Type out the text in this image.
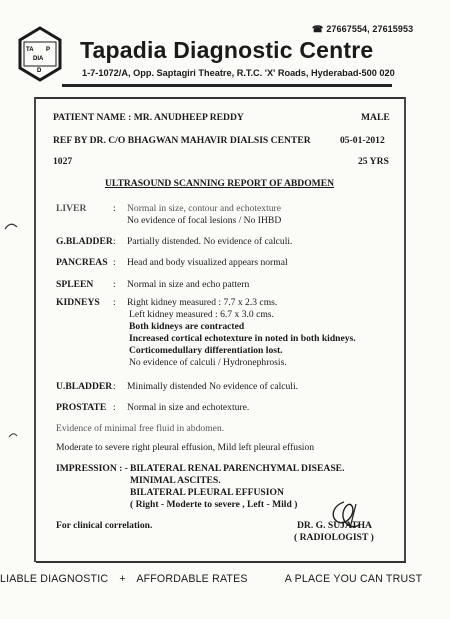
☎ 27667554, 27615953
TA P
DIA
D
Tapadia Diagnostic Centre
1-7-1072/A, Opp. Saptagiri Theatre, R.T.C. 'X' Roads, Hyderabad-500 020
PATIENT NAME : MR. ANUDHEEP REDDY	MALE
REF BY DR. C/O BHAGWAN MAHAVIR DIALSIS CENTER	05-01-2012
1027	25 YRS
ULTRASOUND SCANNING REPORT OF ABDOMEN
LIVER	: Normal in size, contour and echotexture
No evidence of focal lesions / No IHBD
G.BLADDER : Partially distended. No evidence of calculi.
PANCREAS : Head and body visualized appears normal
SPLEEN : Normal in size and echo pattern
KIDNEYS : Right kidney measured : 7.7 x 2.3 cms.
Left kidney measured : 6.7 x 3.0 cms.
Both kidneys are contracted
Increased cortical echotexture in noted in both kidneys.
Corticomedullary differentiation lost.
No evidence of calculi / Hydronephrosis.
U.BLADDER : Minimally distended No evidence of calculi.
PROSTATE : Normal in size and echotexture.
Evidence of minimal free fluid in abdomen.
Moderate to severe right pleural effusion, Mild left pleural effusion
IMPRESSION : - BILATERAL RENAL PARENCHYMAL DISEASE.
MINIMAL ASCITES.
BILATERAL PLEURAL EFFUSION
( Right - Moderte to severe , Left - Mild )
For clinical correlation.	DR. G. SUJATHA
( RADIOLOGIST )
LIABLE DIAGNOSTIC + AFFORDABLE RATES	A PLACE YOU CAN TRUST
